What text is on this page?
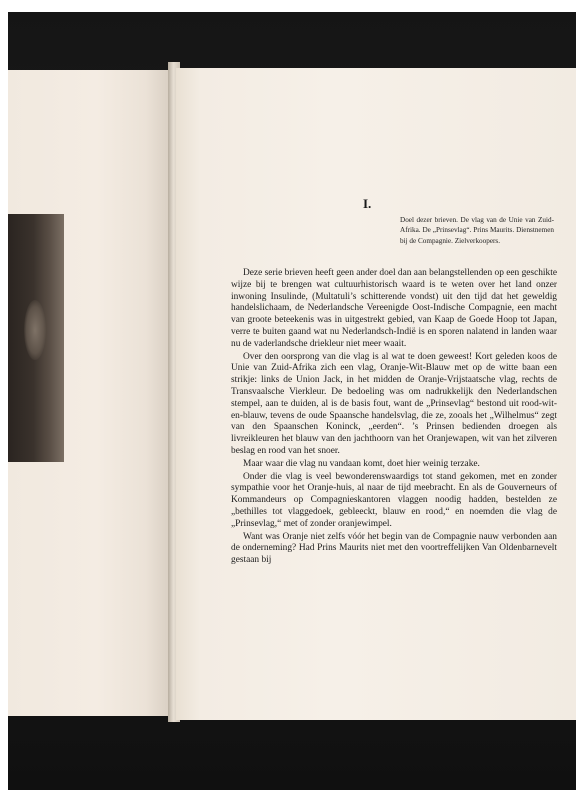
I.

Doel dezer brieven. De vlag van de Unie van Zuid-Afrika. De „Prinsevlag“. Prins Maurits. Dienstnemen bij de Compagnie. Zielverkoopers.

Deze serie brieven heeft geen ander doel dan aan belangstellenden op een geschikte wijze bij te brengen wat cultuurhistorisch waard is te weten over het land onzer inwoning Insulinde, (Multatuli’s schitterende vondst) uit den tijd dat het geweldig handelslichaam, de Nederlandsche Vereenigde Oost-Indische Compagnie, een macht van groote beteekenis was in uitgestrekt gebied, van Kaap de Goede Hoop tot Japan, verre te buiten gaand wat nu Nederlandsch-Indië is en sporen nalatend in landen waar nu de vaderlandsche driekleur niet meer waait.

Over den oorsprong van die vlag is al wat te doen geweest! Kort geleden koos de Unie van Zuid-Afrika zich een vlag, Oranje-Wit-Blauw met op de witte baan een strikje: links de Union Jack, in het midden de Oranje-Vrijstaatsche vlag, rechts de Transvaalsche Vierkleur. De bedoeling was om nadrukkelijk den Nederlandschen stempel, aan te duiden, al is de basis fout, want de „Prinsevlag“ bestond uit rood-wit-en-blauw, tevens de oude Spaansche handelsvlag, die ze, zooals het „Wilhelmus“ zegt van den Spaanschen Koninck, „eerden“. ’s Prinsen bedienden droegen als livreikleuren het blauw van den jachthoorn van het Oranjewapen, wit van het zilveren beslag en rood van het snoer.

Maar waar die vlag nu vandaan komt, doet hier weinig terzake.

Onder die vlag is veel bewonderenswaardigs tot stand gekomen, met en zonder sympathie voor het Oranje-huis, al naar de tijd meebracht. En als de Gouverneurs of Kommandeurs op Compagnieskantoren vlaggen noodig hadden, bestelden ze „bethilles tot vlaggedoek, gebleeckt, blauw en rood,“ en noemden die vlag de „Prinsevlag,“ met of zonder oranjewimpel.

Want was Oranje niet zelfs vóór het begin van de Compagnie nauw verbonden aan de onderneming? Had Prins Maurits niet met den voortreffelijken Van Oldenbarnevelt gestaan bij
